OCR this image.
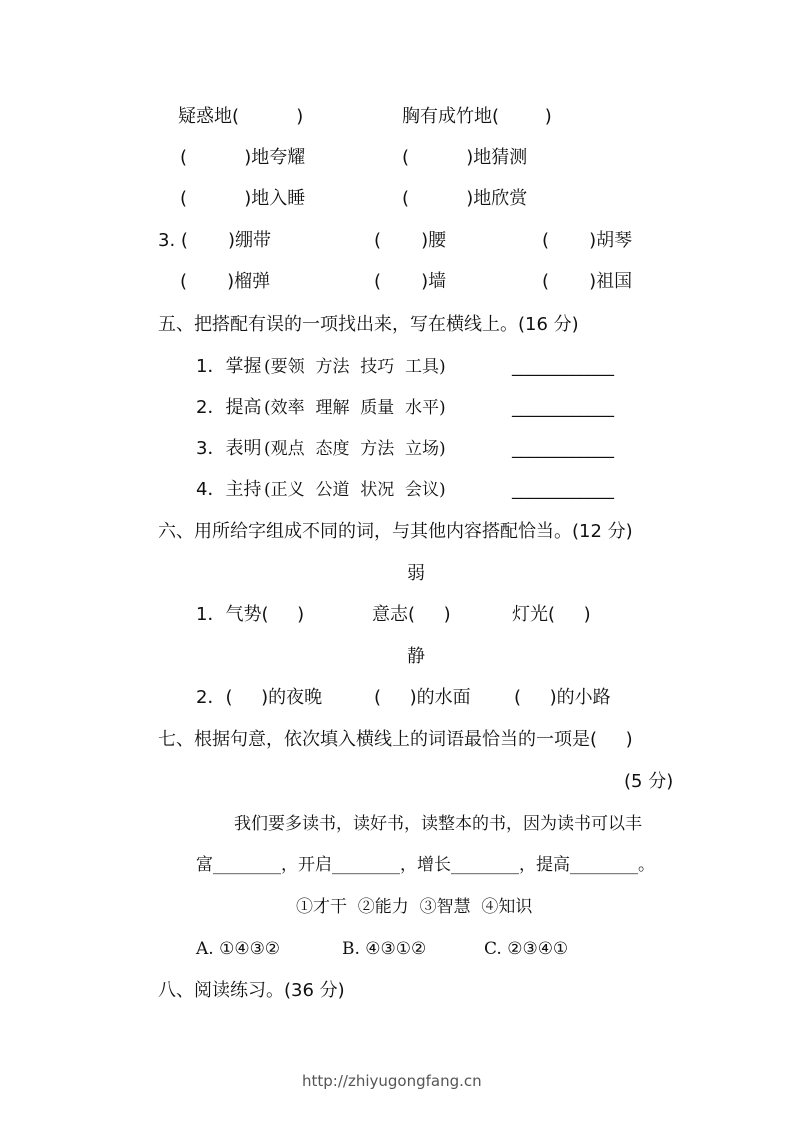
疑惑地(          )	胸有成竹地(        )
(          )地夸耀	(          )地猜测
(          )地入睡	(          )地欣赏
3. (       )绷带	(       )腰	(       )胡琴
(       )榴弹	(       )墙	(       )祖国
五、把搭配有误的一项找出来，写在横线上。(16 分)
1．掌握 (要领  方法  技巧  工具)	____________
2．提高 (效率  理解  质量  水平)	____________
3．表明 (观点  态度  方法  立场)	____________
4．主持 (正义  公道  状况  会议)	____________
六、用所给字组成不同的词，与其他内容搭配恰当。(12 分)
弱
1．气势(     )	意志(     )	灯光(     )
静
2．(     )的夜晚	(     )的水面 (     )的小路
七、根据句意，依次填入横线上的词语最恰当的一项是(     )
(5 分)
我们要多读书，读好书，读整本的书，因为读书可以丰
富________，开启________，增长________，提高________。
①才干  ②能力  ③智慧  ④知识
A. ①④③②	B. ④③①②	C. ②③④①
八、阅读练习。(36 分)
http://zhiyugongfang.cn
